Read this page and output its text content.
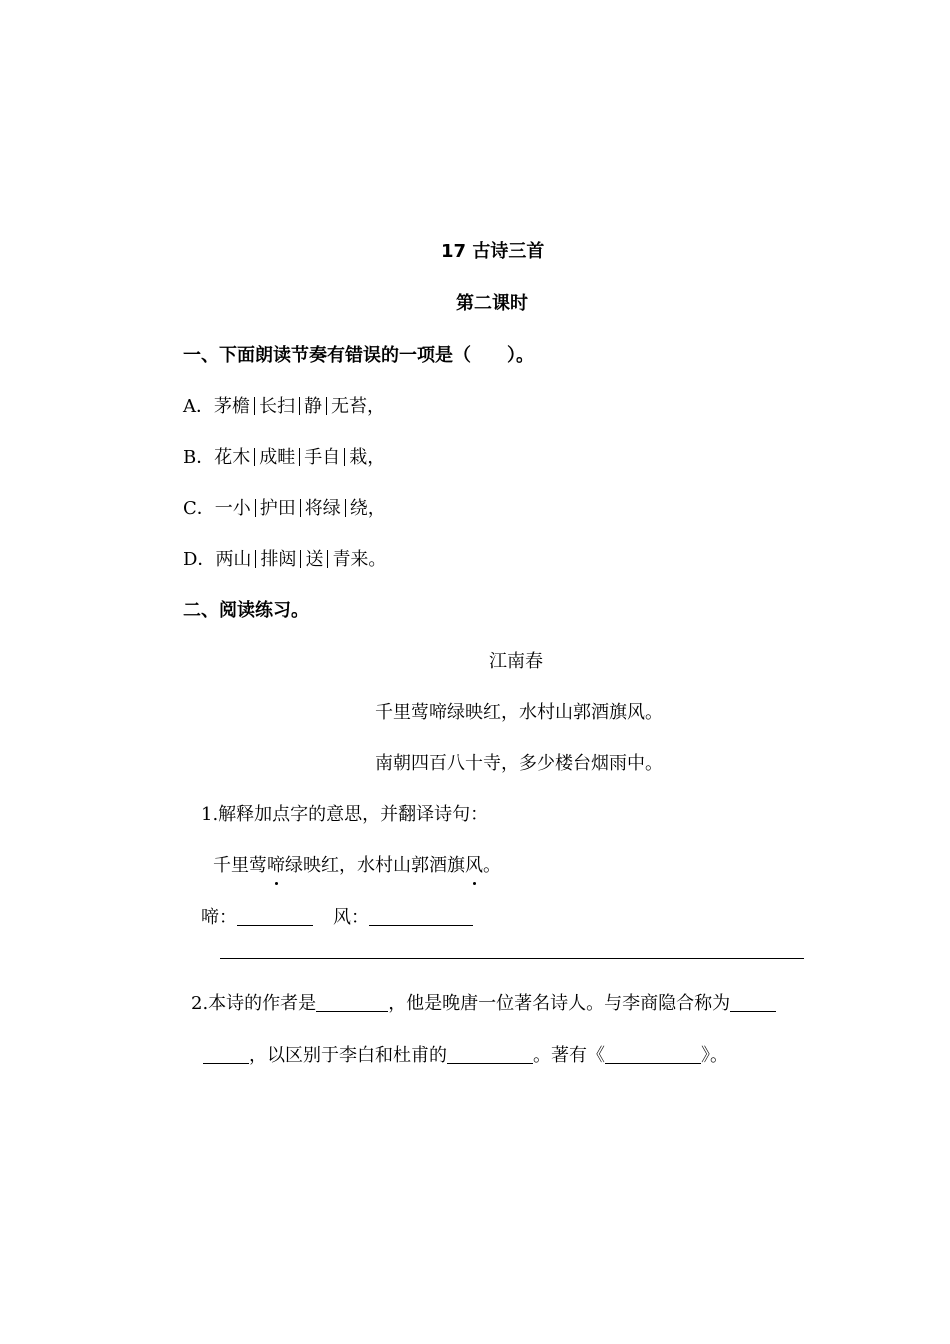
17 古诗三首
第二课时
一、下面朗读节奏有错误的一项是（　　）。
A．茅檐 长扫 静 无苔，
B．花木 成畦 手自 栽，
C．一小 护田 将绿 绕，
D．两山 排闼 送 青来。
二、阅读练习。
江南春
千里莺啼绿映红，水村山郭酒旗风。
南朝四百八十寺，多少楼台烟雨中。
1.解释加点字的意思，并翻译诗句：
千里莺啼绿映红，水村山郭酒旗风。
啼：	风：
2.本诗的作者是	，他是晚唐一位著名诗人。与李商隐合称为
，以区别于李白和杜甫的	。著有《	》。
